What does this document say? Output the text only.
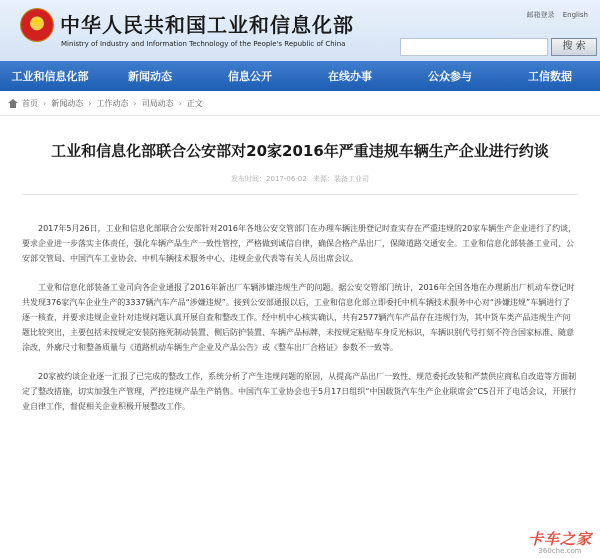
★ 中华人民共和国工业和信息化部
Ministry of Industry and Information Technology of the People's Republic of China
邮箱登录 English
搜 索
工业和信息化部	新闻动态	信息公开	在线办事	公众参与	工信数据
首页 › 新闻动态 › 工作动态 › 司局动态 › 正文
工业和信息化部联合公安部对20家2016年严重违规车辆生产企业进行约谈
发布时间：2017-06-02 来源：装备工业司

2017年5月26日，工业和信息化部联合公安部针对2016年各地公安交管部门在办理车辆注册登记时查实存在严重违规的20家车辆生产企业进行了约谈，要求企业进一步落实主体责任，强化车辆产品生产一致性管控，严格做到诚信自律，确保合格产品出厂，保障道路交通安全。工业和信息化部装备工业司、公安部交管局、中国汽车工业协会、中机车辆技术服务中心、违规企业代表等有关人员出席会议。

工业和信息化部装备工业司向各企业通报了2016年新出厂车辆涉嫌违规生产的问题。据公安交管部门统计，2016年全国各地在办理新出厂机动车登记时共发现376家汽车企业生产的3337辆汽车产品“涉嫌违规”。接到公安部通报以后，工业和信息化部立即委托中机车辆技术服务中心对“涉嫌违规”车辆进行了逐一核查，并要求违规企业针对违规问题认真开展自查和整改工作。经中机中心核实确认，共有2577辆汽车产品存在违规行为，其中货车类产品违规生产问题比较突出，主要包括未按规定安装防拖死制动装置、侧后防护装置、车辆产品标牌，未按规定粘贴车身反光标识，车辆识别代号打刻不符合国家标准、随意涂改，外廓尺寸和整备质量与《道路机动车辆生产企业及产品公告》或《整车出厂合格证》参数不一致等。

20家被约谈企业逐一汇报了已完成的整改工作，系统分析了产生违规问题的原因，从提高产品出厂一致性、规范委托改装和严禁供应商私自改造等方面制定了整改措施，切实加强生产管理，严控违规产品生产销售。中国汽车工业协会也于5月17日组织“中国载货汽车生产企业联席会”CS召开了电话会议，开展行业自律工作，督促相关企业积极开展整改工作。

卡车之家
360che.com
